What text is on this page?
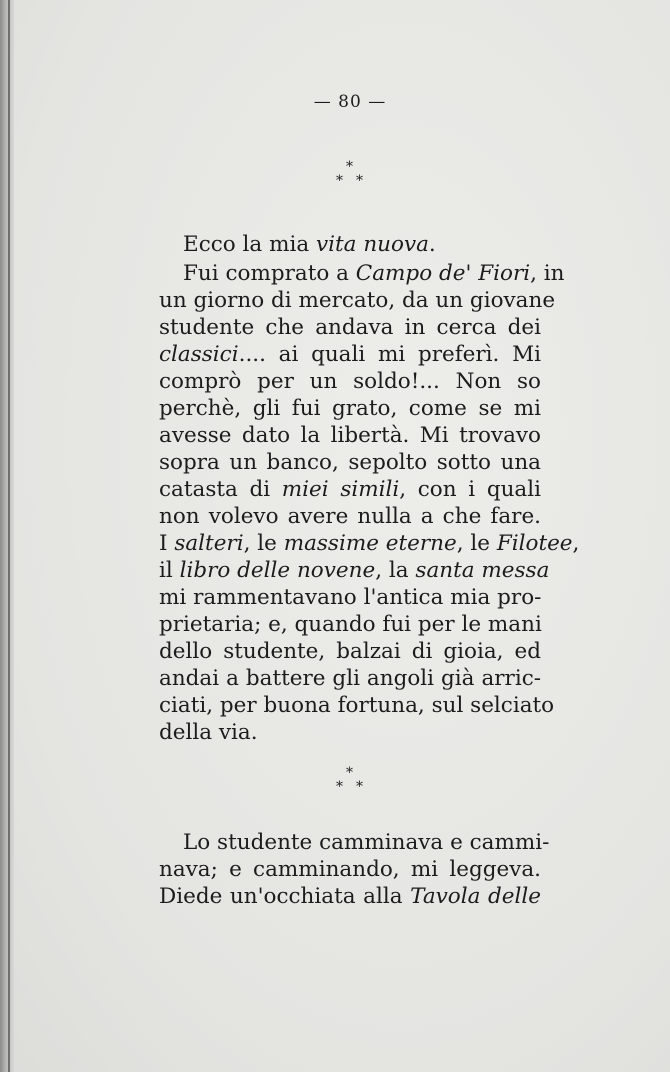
— 80 —
*
* *
Ecco la mia vita nuova.
Fui comprato a Campo de' Fiori, in
un giorno di mercato, da un giovane
studente che andava in cerca dei
classici.... ai quali mi preferì. Mi
comprò per un soldo!... Non so
perchè, gli fui grato, come se mi
avesse dato la libertà. Mi trovavo
sopra un banco, sepolto sotto una
catasta di miei simili, con i quali
non volevo avere nulla a che fare.
I salteri, le massime eterne, le Filotee,
il libro delle novene, la santa messa
mi rammentavano l'antica mia pro-
prietaria; e, quando fui per le mani
dello studente, balzai di gioia, ed
andai a battere gli angoli già arric-
ciati, per buona fortuna, sul selciato
della via.
*
* *
Lo studente camminava e cammi-
nava; e camminando, mi leggeva.
Diede un'occhiata alla Tavola delle
